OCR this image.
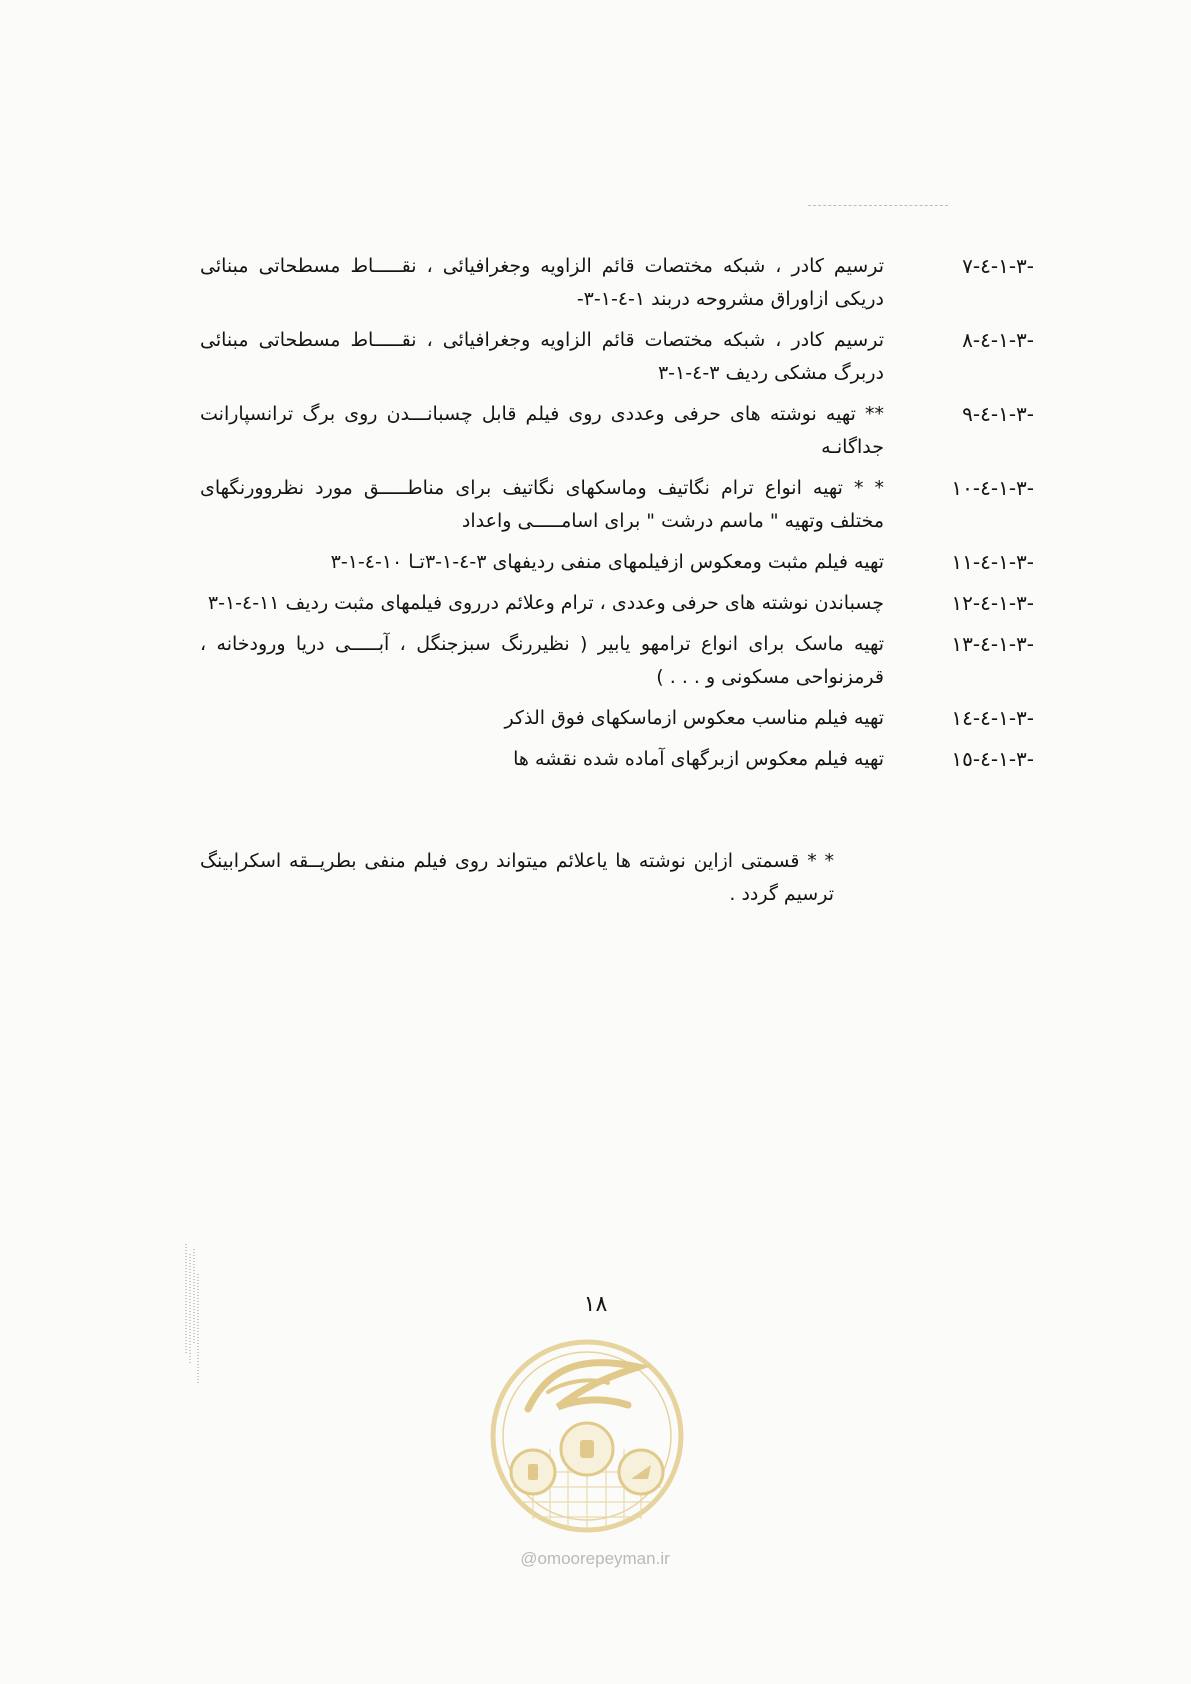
٧-٤-١-٣-
ترسیم کادر ، شبکه مختصات قائم الزاویه وجغرافیائی ، نقـــــاط مسطحاتی مبنائی دریکی ازاوراق مشروحه دربند ١-٤-١-٣-
٨-٤-١-٣-
ترسیم کادر ، شبکه مختصات قائم الزاویه وجغرافیائی ، نقـــــاط مسطحاتی مبنائی دربرگ مشکی ردیف ٣-٤-١-٣
٩-٤-١-٣-
** تهیه نوشته های حرفی وعددی روی فیلم قابل چسبانـــدن روی برگ ترانسپارانت جداگانـه
١٠-٤-١-٣-
* * تهیه انواع ترام نگاتیف وماسکهای نگاتیف برای مناطـــــق مورد نظروورنگهای مختلف وتهیه " ماسم درشت " برای اسامـــــی واعداد
١١-٤-١-٣-
تهیه فیلم مثبت ومعکوس ازفیلمهای منفی ردیفهای ٣-٤-١-٣تـا ١٠-٤-١-٣
١٢-٤-١-٣-
چسباندن نوشته های حرفی وعددی ، ترام وعلائم درروی فیلمهای مثبت ردیف ١١-٤-١-٣
١٣-٤-١-٣-
تهیه ماسک برای انواع ترامهو یابیر ( نظیررنگ سبزجنگل ، آبـــــی دریا ورودخانه ، قرمزنواحی مسکونی و . . . )
١٤-٤-١-٣-
تهیه فیلم مناسب معکوس ازماسکهای فوق الذکر
١٥-٤-١-٣-
تهیه فیلم معکوس ازبرگهای آماده شده نقشه ها
* * قسمتی ازاین نوشته ها یاعلائم میتواند روی فیلم منفی بطریــقه اسکرابینگ ترسیم گردد .
١٨
@omoorepeyman.ir
